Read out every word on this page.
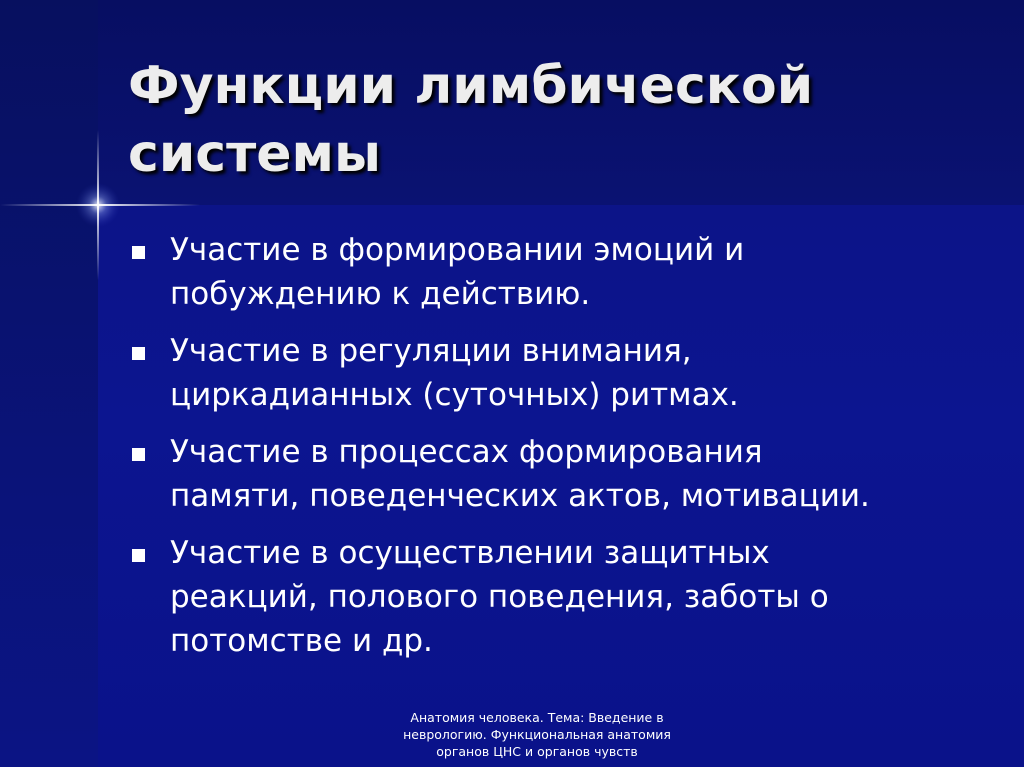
Функции лимбической
системы
Участие в формировании эмоций и
побуждению к действию.
Участие в регуляции внимания,
циркадианных (суточных) ритмах.
Участие в процессах формирования
памяти, поведенческих актов, мотивации.
Участие в осуществлении защитных
реакций, полового поведения, заботы о
потомстве и др.
Анатомия человека. Тема: Введение в
неврологию. Функциональная анатомия
органов ЦНС и органов чувств
